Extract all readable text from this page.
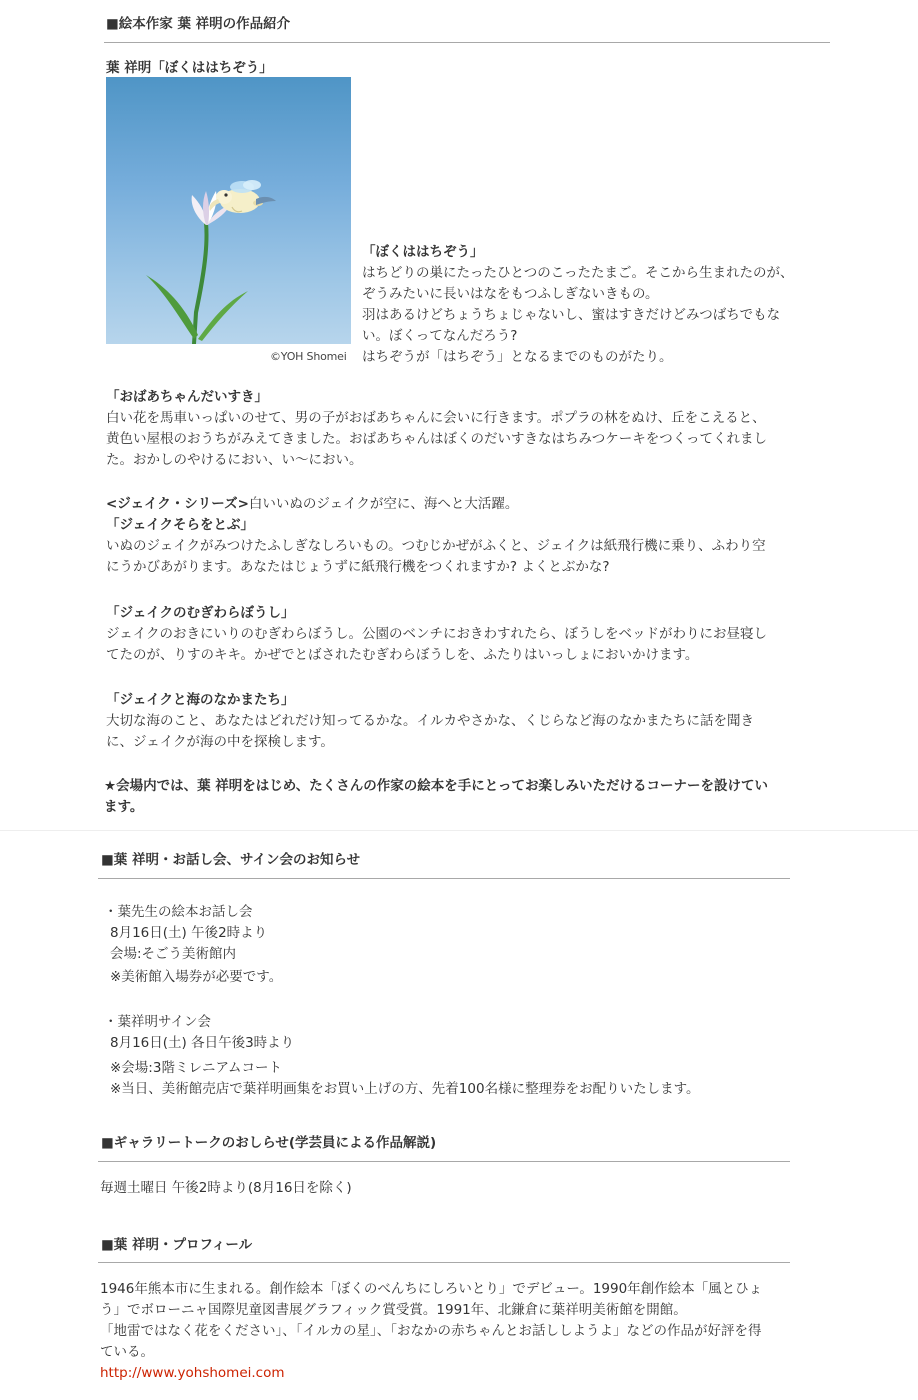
■絵本作家 葉 祥明の作品紹介
葉 祥明「ぼくははちぞう」
©YOH Shomei
「ぼくははちぞう」
はちどりの巣にたったひとつのこったたまご。そこから生まれたのが、
ぞうみたいに長いはなをもつふしぎないきもの。
羽はあるけどちょうちょじゃないし、蜜はすきだけどみつばちでもな
い。ぼくってなんだろう?
はちぞうが「はちぞう」となるまでのものがたり。
「おばあちゃんだいすき」
白い花を馬車いっぱいのせて、男の子がおばあちゃんに会いに行きます。ポプラの林をぬけ、丘をこえると、
黄色い屋根のおうちがみえてきました。おばあちゃんはぼくのだいすきなはちみつケーキをつくってくれまし
た。おかしのやけるにおい、い〜におい。
<ジェイク・シリーズ>白いいぬのジェイクが空に、海へと大活躍。
「ジェイクそらをとぶ」
いぬのジェイクがみつけたふしぎなしろいもの。つむじかぜがふくと、ジェイクは紙飛行機に乗り、ふわり空
にうかびあがります。あなたはじょうずに紙飛行機をつくれますか? よくとぶかな?
「ジェイクのむぎわらぼうし」
ジェイクのおきにいりのむぎわらぼうし。公園のベンチにおきわすれたら、ぼうしをベッドがわりにお昼寝し
てたのが、りすのキキ。かぜでとばされたむぎわらぼうしを、ふたりはいっしょにおいかけます。
「ジェイクと海のなかまたち」
大切な海のこと、あなたはどれだけ知ってるかな。イルカやさかな、くじらなど海のなかまたちに話を聞き
に、ジェイクが海の中を探検します。
★会場内では、葉 祥明をはじめ、たくさんの作家の絵本を手にとってお楽しみいただけるコーナーを設けてい
ます。
■葉 祥明・お話し会、サイン会のお知らせ
・葉先生の絵本お話し会
8月16日(土) 午後2時より
会場:そごう美術館内
※美術館入場券が必要です。
・葉祥明サイン会
8月16日(土) 各日午後3時より
※会場:3階ミレニアムコート
※当日、美術館売店で葉祥明画集をお買い上げの方、先着100名様に整理券をお配りいたします。
■ギャラリートークのおしらせ(学芸員による作品解説)
毎週土曜日 午後2時より(8月16日を除く)
■葉 祥明・プロフィール
1946年熊本市に生まれる。創作絵本「ぼくのべんちにしろいとり」でデビュー。1990年創作絵本「風とひょ
う」でボローニャ国際児童図書展グラフィック賞受賞。1991年、北鎌倉に葉祥明美術館を開館。
「地雷ではなく花をください」、「イルカの星」、「おなかの赤ちゃんとお話ししようよ」などの作品が好評を得
ている。
http://www.yohshomei.com
